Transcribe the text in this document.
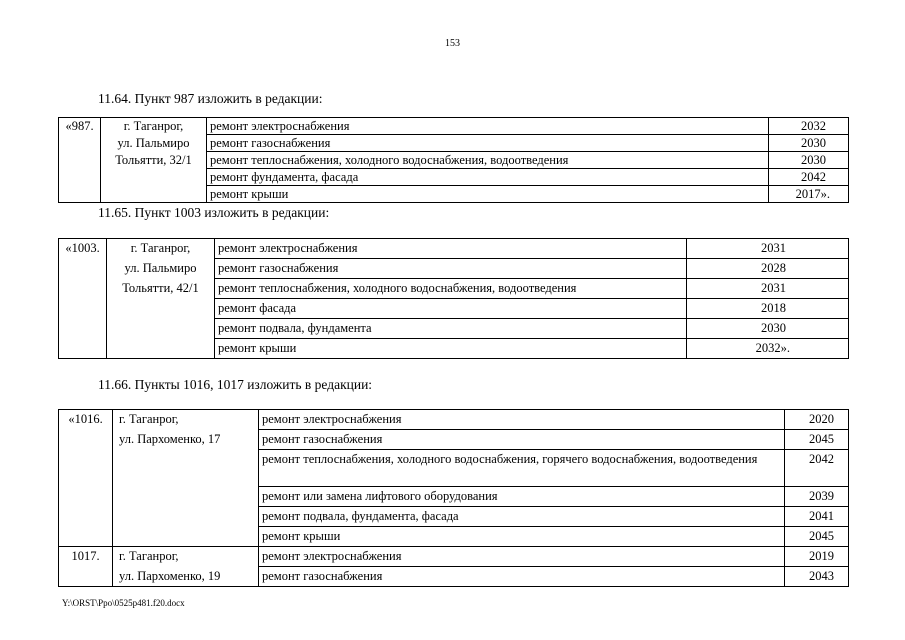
153
11.64. Пункт 987 изложить в редакции:
«987.	г. Таганрог,	ремонт электроснабжения	2032
	ул. Пальмиро	ремонт газоснабжения	2030
	Тольятти, 32/1	ремонт теплоснабжения, холодного водоснабжения, водоотведения	2030
		ремонт фундамента, фасада	2042
		ремонт крыши	2017».
11.65. Пункт 1003 изложить в редакции:
«1003.	г. Таганрог,	ремонт электроснабжения	2031
	ул. Пальмиро	ремонт газоснабжения	2028
	Тольятти, 42/1	ремонт теплоснабжения, холодного водоснабжения, водоотведения	2031
		ремонт фасада	2018
		ремонт подвала, фундамента	2030
		ремонт крыши	2032».
11.66. Пункты 1016, 1017 изложить в редакции:
«1016.	г. Таганрог,	ремонт электроснабжения	2020
	ул. Пархоменко, 17	ремонт газоснабжения	2045
		ремонт теплоснабжения, холодного водоснабжения, горячего водоснабжения, водоотведения	2042
		ремонт или замена лифтового оборудования	2039
		ремонт подвала, фундамента, фасада	2041
		ремонт крыши	2045
1017.	г. Таганрог,	ремонт электроснабжения	2019
	ул. Пархоменко, 19	ремонт газоснабжения	2043
Y:\ORST\Ppo\0525p481.f20.docx
